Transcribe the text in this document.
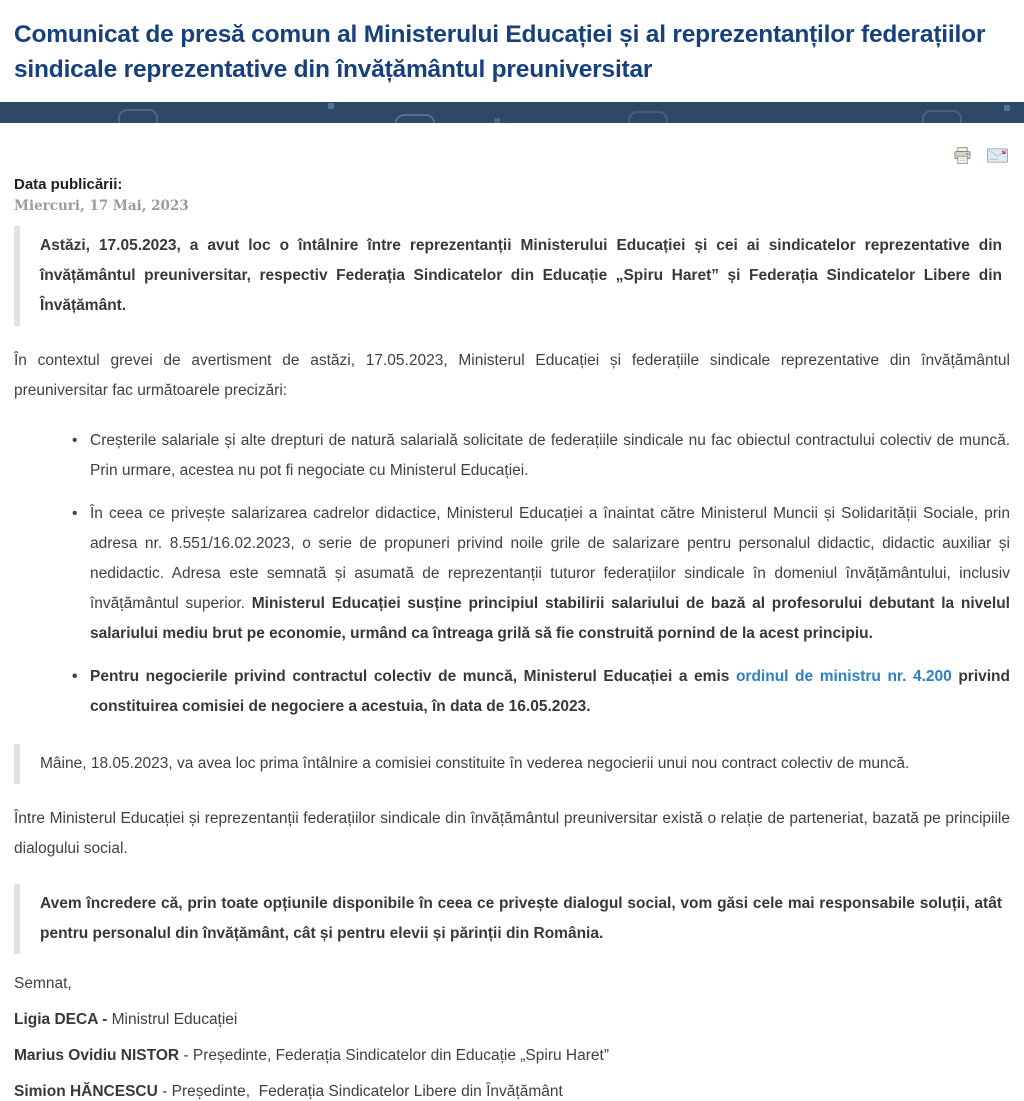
Comunicat de presă comun al Ministerului Educației și al reprezentanților federațiilor sindicale reprezentative din învățământul preuniversitar
Data publicării:
Miercuri, 17 Mai, 2023

Astăzi, 17.05.2023, a avut loc o întâlnire între reprezentanții Ministerului Educației și cei ai sindicatelor reprezentative din învățământul preuniversitar, respectiv Federația Sindicatelor din Educație „Spiru Haret” și Federația Sindicatelor Libere din Învățământ.

În contextul grevei de avertisment de astăzi, 17.05.2023, Ministerul Educației și federațiile sindicale reprezentative din învățământul preuniversitar fac următoarele precizări:

• Creșterile salariale și alte drepturi de natură salarială solicitate de federațiile sindicale nu fac obiectul contractului colectiv de muncă. Prin urmare, acestea nu pot fi negociate cu Ministerul Educației.
• În ceea ce privește salarizarea cadrelor didactice, Ministerul Educației a înaintat către Ministerul Muncii și Solidarității Sociale, prin adresa nr. 8.551/16.02.2023, o serie de propuneri privind noile grile de salarizare pentru personalul didactic, didactic auxiliar și nedidactic. Adresa este semnată și asumată de reprezentanții tuturor federațiilor sindicale în domeniul învățământului, inclusiv învățământul superior. Ministerul Educației susține principiul stabilirii salariului de bază al profesorului debutant la nivelul salariului mediu brut pe economie, urmând ca întreaga grilă să fie construită pornind de la acest principiu.
• Pentru negocierile privind contractul colectiv de muncă, Ministerul Educației a emis ordinul de ministru nr. 4.200 privind constituirea comisiei de negociere a acestuia, în data de 16.05.2023.

Mâine, 18.05.2023, va avea loc prima întâlnire a comisiei constituite în vederea negocierii unui nou contract colectiv de muncă.

Între Ministerul Educației și reprezentanții federațiilor sindicale din învățământul preuniversitar există o relație de parteneriat, bazată pe principiile dialogului social.

Avem încredere că, prin toate opțiunile disponibile în ceea ce privește dialogul social, vom găsi cele mai responsabile soluții, atât pentru personalul din învățământ, cât și pentru elevii și părinții din România.

Semnat,

Ligia DECA - Ministrul Educației

Marius Ovidiu NISTOR - Președinte, Federația Sindicatelor din Educație „Spiru Haret”

Simion HĂNCESCU - Președinte,  Federația Sindicatelor Libere din Învățământ
